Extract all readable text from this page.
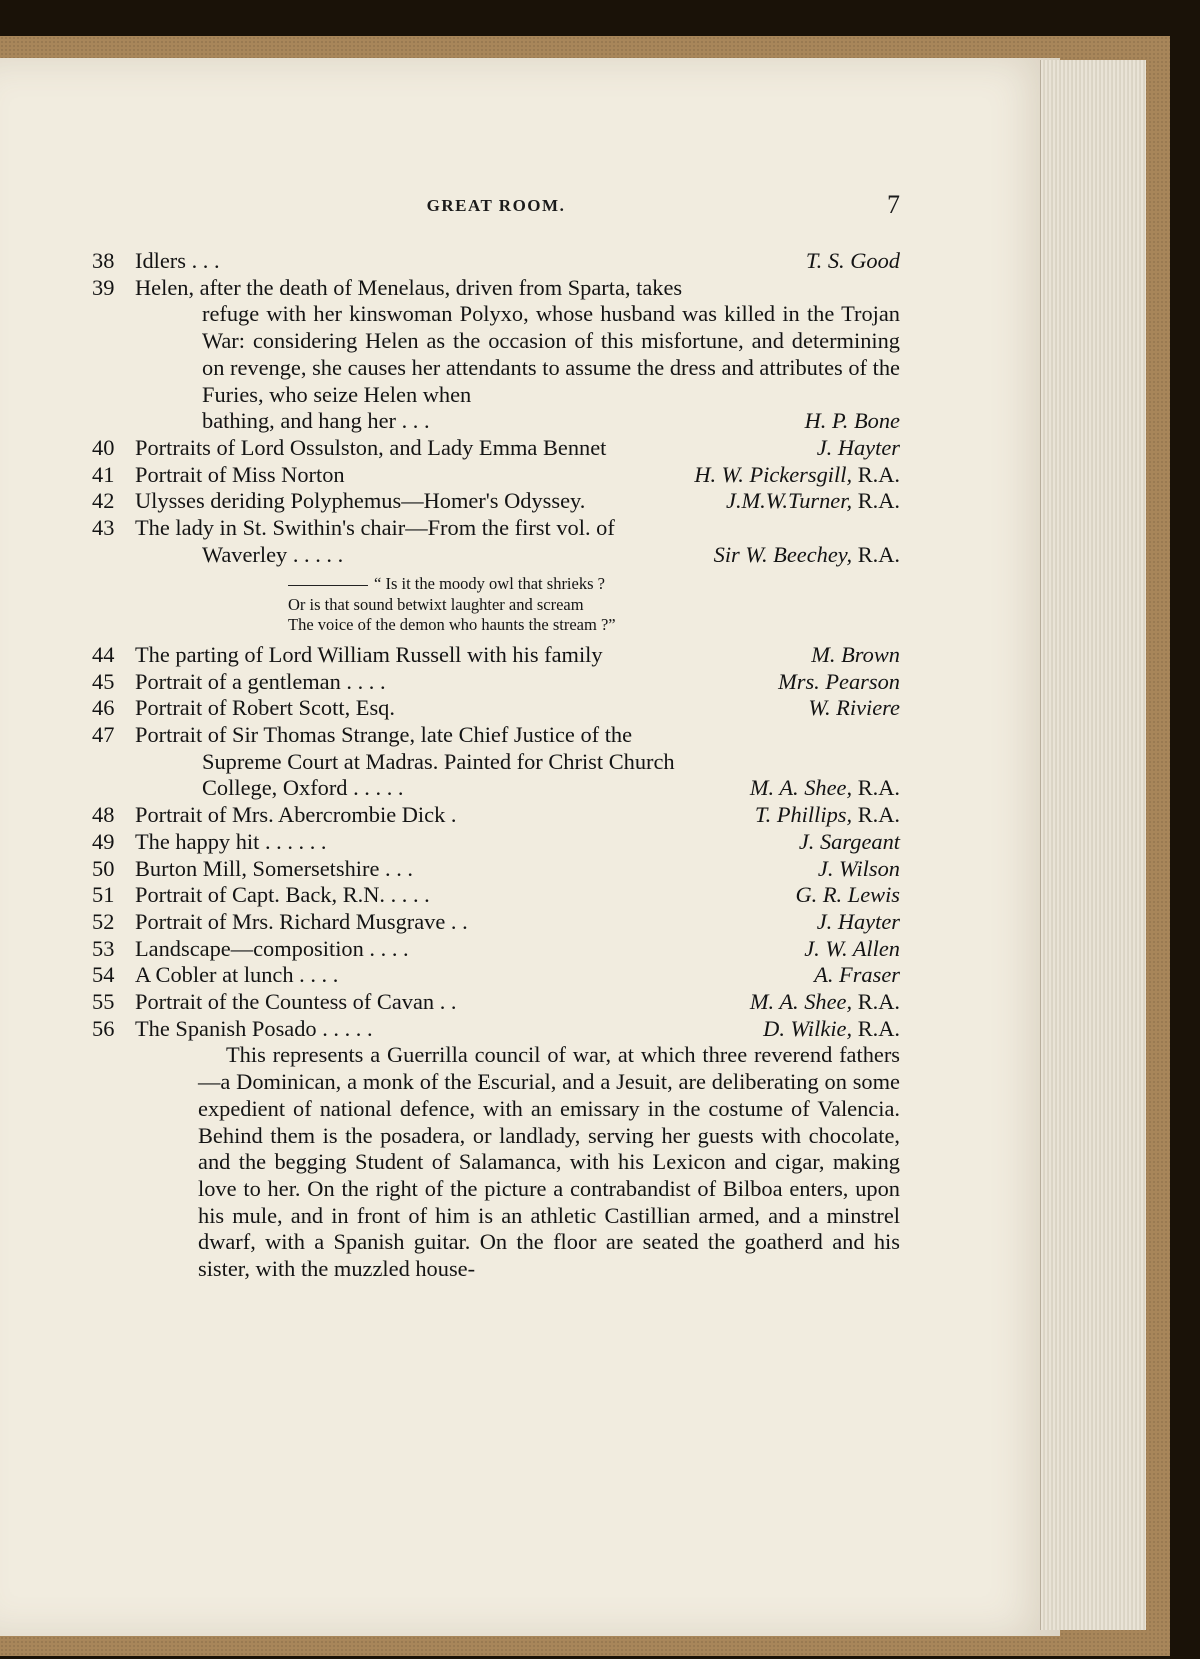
GREAT ROOM.	7
38 Idlers . . .	T. S. Good
39 Helen, after the death of Menelaus, driven from Sparta, takes
refuge with her kinswoman Polyxo, whose husband was killed in the Trojan War: considering Helen as the occasion of this misfortune, and determining on revenge, she causes her attendants to assume the dress and attributes of the Furies, who seize Helen when
bathing, and hang her . . .	H. P. Bone
40 Portraits of Lord Ossulston, and Lady Emma Bennet	J. Hayter
41 Portrait of Miss Norton	H. W. Pickersgill, R.A.
42 Ulysses deriding Polyphemus—Homer's Odyssey.	J.M.W.Turner, R.A.
43 The lady in St. Swithin's chair—From the first vol. of
Waverley . . . . .	Sir W. Beechey, R.A.
“ Is it the moody owl that shrieks ?
Or is that sound betwixt laughter and scream
The voice of the demon who haunts the stream ?”
44 The parting of Lord William Russell with his family	M. Brown
45 Portrait of a gentleman . . . .	Mrs. Pearson
46 Portrait of Robert Scott, Esq.	W. Riviere
47 Portrait of Sir Thomas Strange, late Chief Justice of the
Supreme Court at Madras. Painted for Christ Church
College, Oxford . . . . .	M. A. Shee, R.A.
48 Portrait of Mrs. Abercrombie Dick .	T. Phillips, R.A.
49 The happy hit . . . . . .	J. Sargeant
50 Burton Mill, Somersetshire . . .	J. Wilson
51 Portrait of Capt. Back, R.N. . . . .	G. R. Lewis
52 Portrait of Mrs. Richard Musgrave . .	J. Hayter
53 Landscape—composition . . . .	J. W. Allen
54 A Cobler at lunch . . . .	A. Fraser
55 Portrait of the Countess of Cavan . .	M. A. Shee, R.A.
56 The Spanish Posado . . . . .	D. Wilkie, R.A.
This represents a Guerrilla council of war, at which three reverend fathers—a Dominican, a monk of the Escurial, and a Jesuit, are deliberating on some expedient of national defence, with an emissary in the costume of Valencia. Behind them is the posadera, or landlady, serving her guests with chocolate, and the begging Student of Salamanca, with his Lexicon and cigar, making love to her. On the right of the picture a contrabandist of Bilboa enters, upon his mule, and in front of him is an athletic Castillian armed, and a minstrel dwarf, with a Spanish guitar. On the floor are seated the goatherd and his sister, with the muzzled house-
